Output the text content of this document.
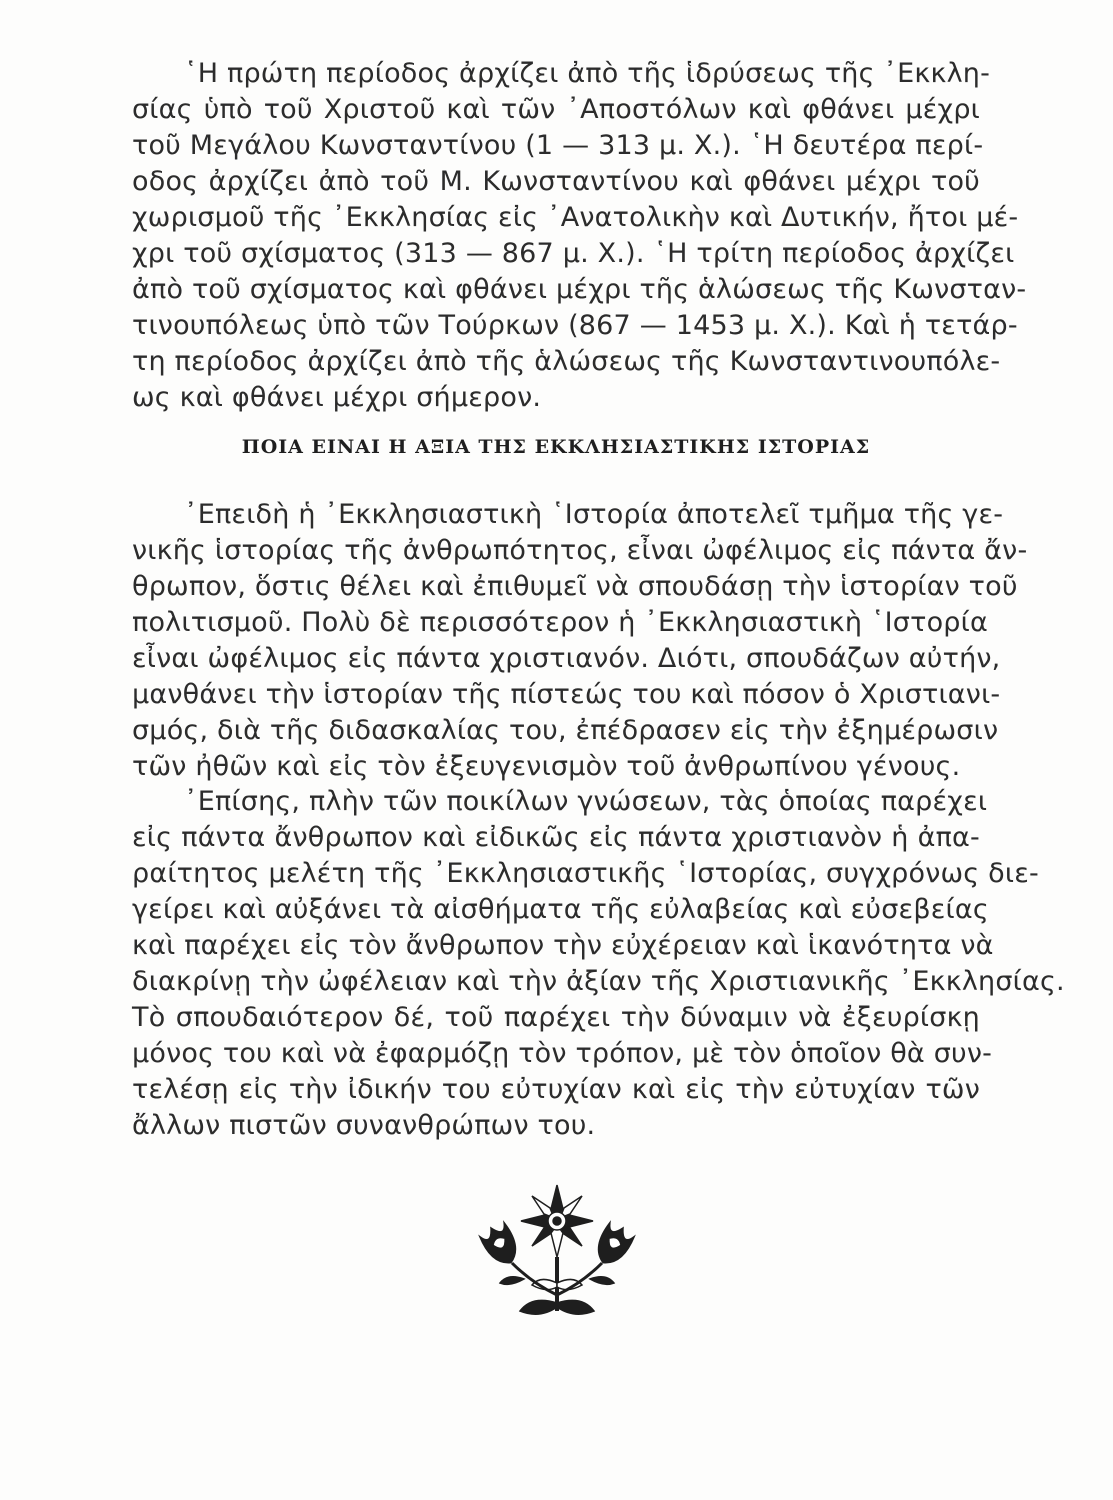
῾Η πρώτη περίοδος ἀρχίζει ἀπὸ τῆς ἱδρύσεως τῆς ᾽Εκκλη-
σίας ὑπὸ τοῦ Χριστοῦ καὶ τῶν ᾽Αποστόλων καὶ φθάνει μέχρι
τοῦ Μεγάλου Κωνσταντίνου (1 — 313 μ. Χ.). ῾Η δευτέρα περί-
οδος ἀρχίζει ἀπὸ τοῦ Μ. Κωνσταντίνου καὶ φθάνει μέχρι τοῦ
χωρισμοῦ τῆς ᾽Εκκλησίας εἰς ᾽Ανατολικὴν καὶ Δυτικήν, ἤτοι μέ-
χρι τοῦ σχίσματος (313 — 867 μ. Χ.). ῾Η τρίτη περίοδος ἀρχίζει
ἀπὸ τοῦ σχίσματος καὶ φθάνει μέχρι τῆς ἁλώσεως τῆς Κωνσταν-
τινουπόλεως ὑπὸ τῶν Τούρκων (867 — 1453 μ. Χ.). Καὶ ἡ τετάρ-
τη περίοδος ἀρχίζει ἀπὸ τῆς ἁλώσεως τῆς Κωνσταντινουπόλε-
ως καὶ φθάνει μέχρι σήμερον.
ΠΟΙΑ ΕΙΝΑΙ Η ΑΞΙΑ ΤΗΣ ΕΚΚΛΗΣΙΑΣΤΙΚΗΣ ΙΣΤΟΡΙΑΣ
᾽Επειδὴ ἡ ᾽Εκκλησιαστικὴ ῾Ιστορία ἀποτελεῖ τμῆμα τῆς γε-
νικῆς ἱστορίας τῆς ἀνθρωπότητος, εἶναι ὠφέλιμος εἰς πάντα ἄν-
θρωπον, ὅστις θέλει καὶ ἐπιθυμεῖ νὰ σπουδάσῃ τὴν ἱστορίαν τοῦ
πολιτισμοῦ. Πολὺ δὲ περισσότερον ἡ ᾽Εκκλησιαστικὴ ῾Ιστορία
εἶναι ὠφέλιμος εἰς πάντα χριστιανόν. Διότι, σπουδάζων αὐτήν,
μανθάνει τὴν ἱστορίαν τῆς πίστεώς του καὶ πόσον ὁ Χριστιανι-
σμός, διὰ τῆς διδασκαλίας του, ἐπέδρασεν εἰς τὴν ἐξημέρωσιν
τῶν ἠθῶν καὶ εἰς τὸν ἐξευγενισμὸν τοῦ ἀνθρωπίνου γένους.
᾽Επίσης, πλὴν τῶν ποικίλων γνώσεων, τὰς ὁποίας παρέχει
εἰς πάντα ἄνθρωπον καὶ εἰδικῶς εἰς πάντα χριστιανὸν ἡ ἀπα-
ραίτητος μελέτη τῆς ᾽Εκκλησιαστικῆς ῾Ιστορίας, συγχρόνως διε-
γείρει καὶ αὐξάνει τὰ αἰσθήματα τῆς εὐλαβείας καὶ εὐσεβείας
καὶ παρέχει εἰς τὸν ἄνθρωπον τὴν εὐχέρειαν καὶ ἱκανότητα νὰ
διακρίνῃ τὴν ὠφέλειαν καὶ τὴν ἀξίαν τῆς Χριστιανικῆς ᾽Εκκλησίας.
Τὸ σπουδαιότερον δέ, τοῦ παρέχει τὴν δύναμιν νὰ ἐξευρίσκῃ
μόνος του καὶ νὰ ἐφαρμόζῃ τὸν τρόπον, μὲ τὸν ὁποῖον θὰ συν-
τελέσῃ εἰς τὴν ἰδικήν του εὐτυχίαν καὶ εἰς τὴν εὐτυχίαν τῶν
ἄλλων πιστῶν συνανθρώπων του.
